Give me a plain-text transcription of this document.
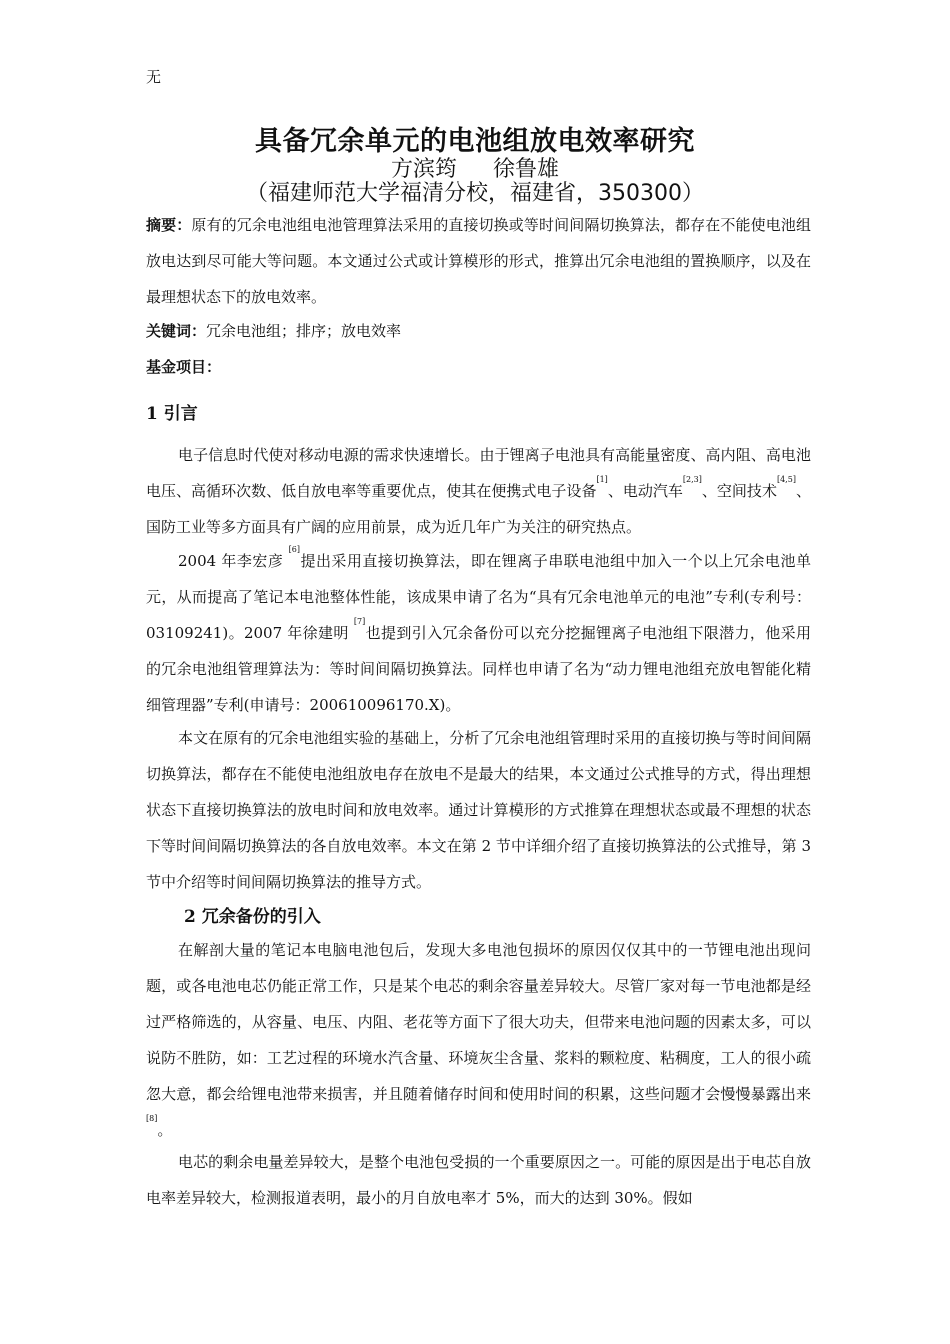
无
具备冗余单元的电池组放电效率研究
方滨筠 徐鲁雄
（福建师范大学福清分校，福建省，350300）
摘要：原有的冗余电池组电池管理算法采用的直接切换或等时间间隔切换算法，都存在不能使电池组放电达到尽可能大等问题。本文通过公式或计算模形的形式，推算出冗余电池组的置换顺序，以及在最理想状态下的放电效率。
关键词：冗余电池组；排序；放电效率
基金项目：
1 引言
电子信息时代使对移动电源的需求快速增长。由于锂离子电池具有高能量密度、高内阻、高电池电压、高循环次数、低自放电率等重要优点，使其在便携式电子设备[1]、电动汽车[2,3]、空间技术[4,5]、国防工业等多方面具有广阔的应用前景，成为近几年广为关注的研究热点。
2004 年李宏彦 [6]提出采用直接切换算法，即在锂离子串联电池组中加入一个以上冗余电池单元，从而提高了笔记本电池整体性能，该成果申请了名为“具有冗余电池单元的电池”专利(专利号：03109241)。2007 年徐建明 [7]也提到引入冗余备份可以充分挖掘锂离子电池组下限潜力，他采用的冗余电池组管理算法为：等时间间隔切换算法。同样也申请了名为“动力锂电池组充放电智能化精细管理器”专利(申请号：200610096170.X)。
本文在原有的冗余电池组实验的基础上，分析了冗余电池组管理时采用的直接切换与等时间间隔切换算法，都存在不能使电池组放电存在放电不是最大的结果，本文通过公式推导的方式，得出理想状态下直接切换算法的放电时间和放电效率。通过计算模形的方式推算在理想状态或最不理想的状态下等时间间隔切换算法的各自放电效率。本文在第 2 节中详细介绍了直接切换算法的公式推导，第 3 节中介绍等时间间隔切换算法的推导方式。
2 冗余备份的引入
在解剖大量的笔记本电脑电池包后，发现大多电池包损坏的原因仅仅其中的一节锂电池出现问题，或各电池电芯仍能正常工作，只是某个电芯的剩余容量差异较大。尽管厂家对每一节电池都是经过严格筛选的，从容量、电压、内阻、老花等方面下了很大功夫，但带来电池问题的因素太多，可以说防不胜防，如：工艺过程的环境水汽含量、环境灰尘含量、浆料的颗粒度、粘稠度，工人的很小疏忽大意，都会给锂电池带来损害，并且随着储存时间和使用时间的积累，这些问题才会慢慢暴露出来[8]。
电芯的剩余电量差异较大，是整个电池包受损的一个重要原因之一。可能的原因是出于电芯自放电率差异较大，检测报道表明，最小的月自放电率才 5%，而大的达到 30%。假如
